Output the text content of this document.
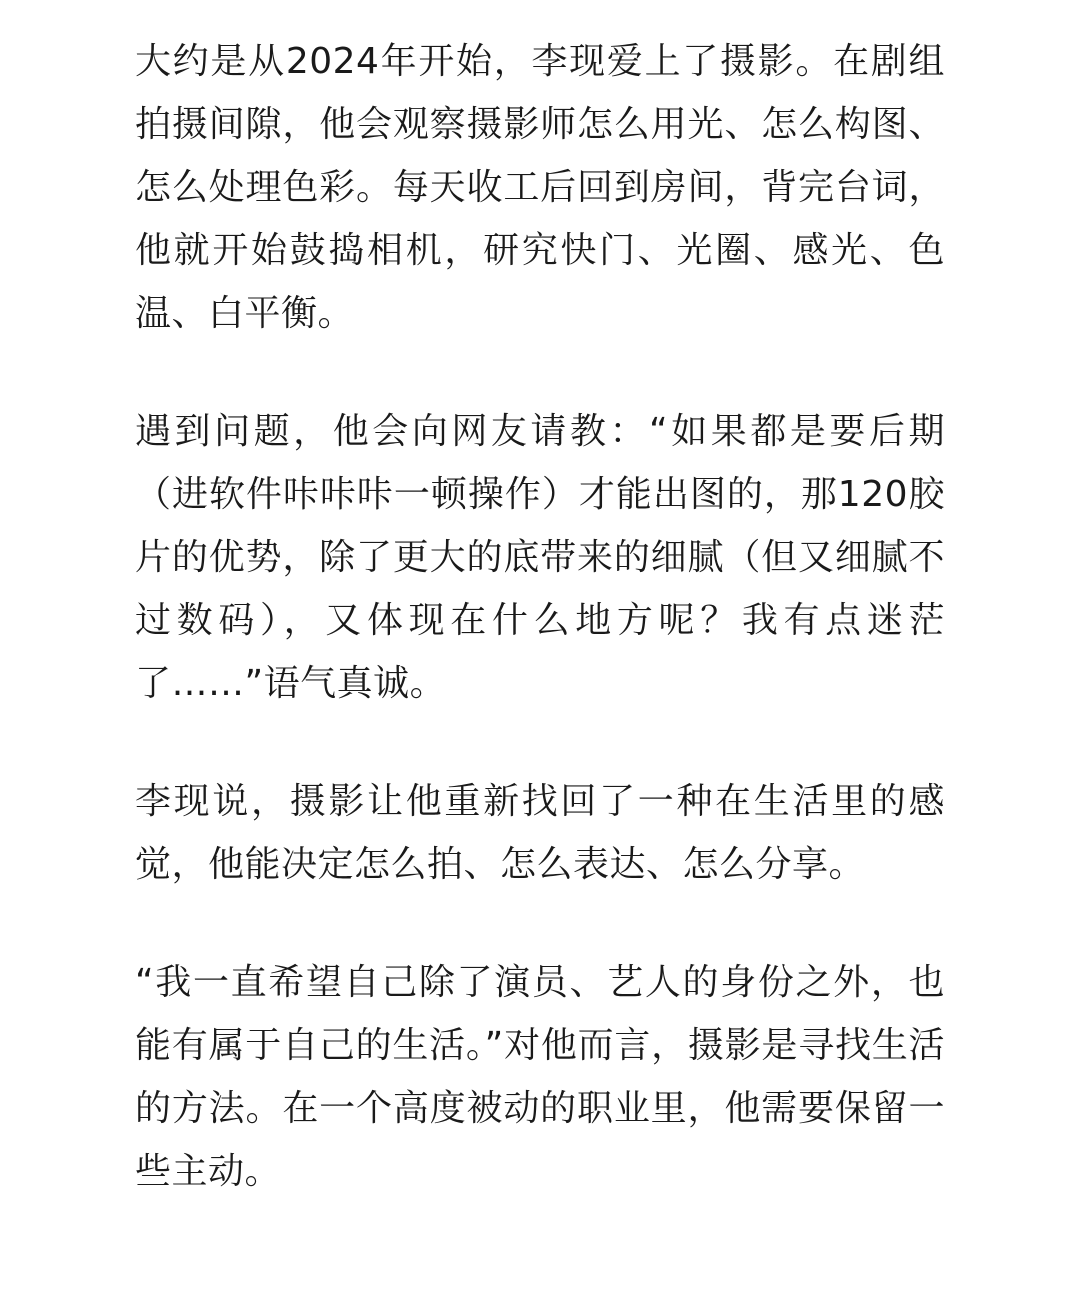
大约是从2024年开始，李现爱上了摄影。在剧组拍摄间隙，他会观察摄影师怎么用光、怎么构图、怎么处理色彩。每天收工后回到房间，背完台词，他就开始鼓捣相机，研究快门、光圈、感光、色温、白平衡。

遇到问题，他会向网友请教：“如果都是要后期（进软件咔咔咔一顿操作）才能出图的，那120胶片的优势，除了更大的底带来的细腻（但又细腻不过数码），又体现在什么地方呢？我有点迷茫了……”语气真诚。

李现说，摄影让他重新找回了一种在生活里的感觉，他能决定怎么拍、怎么表达、怎么分享。

“我一直希望自己除了演员、艺人的身份之外，也能有属于自己的生活。”对他而言，摄影是寻找生活的方法。在一个高度被动的职业里，他需要保留一些主动。
